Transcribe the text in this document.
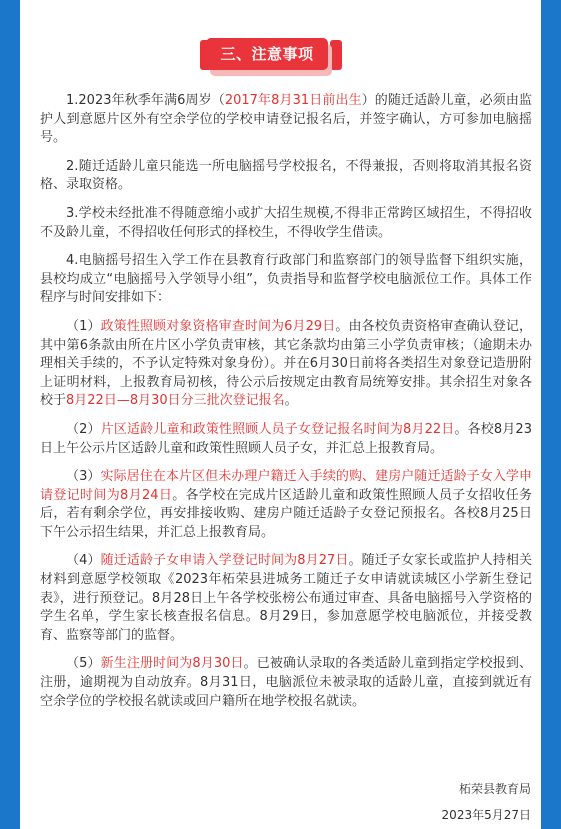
三、注意事项

1.2023年秋季年满6周岁（2017年8月31日前出生）的随迁适龄儿童，必须由监护人到意愿片区外有空余学位的学校申请登记报名后，并签字确认，方可参加电脑摇号。

2.随迁适龄儿童只能选一所电脑摇号学校报名，不得兼报，否则将取消其报名资格、录取资格。

3.学校未经批准不得随意缩小或扩大招生规模,不得非正常跨区域招生，不得招收不及龄儿童，不得招收任何形式的择校生，不得收学生借读。

4.电脑摇号招生入学工作在县教育行政部门和监察部门的领导监督下组织实施，县校均成立“电脑摇号入学领导小组”，负责指导和监督学校电脑派位工作。具体工作程序与时间安排如下：

（1）政策性照顾对象资格审查时间为6月29日。由各校负责资格审查确认登记，其中第6条款由所在片区小学负责审核，其它条款均由第三小学负责审核；（逾期未办理相关手续的，不予认定特殊对象身份）。并在6月30日前将各类招生对象登记造册附上证明材料，上报教育局初核，待公示后按规定由教育局统筹安排。其余招生对象各校于8月22日—8月30日分三批次登记报名。

（2）片区适龄儿童和政策性照顾人员子女登记报名时间为8月22日。各校8月23日上午公示片区适龄儿童和政策性照顾人员子女，并汇总上报教育局。

（3）实际居住在本片区但未办理户籍迁入手续的购、建房户随迁适龄子女入学申请登记时间为8月24日。各学校在完成片区适龄儿童和政策性照顾人员子女招收任务后，若有剩余学位，再安排接收购、建房户随迁适龄子女登记预报名。各校8月25日下午公示招生结果，并汇总上报教育局。

（4）随迁适龄子女申请入学登记时间为8月27日。随迁子女家长或监护人持相关材料到意愿学校领取《2023年柘荣县进城务工随迁子女申请就读城区小学新生登记表》，进行预登记。8月28日上午各学校张榜公布通过审查、具备电脑摇号入学资格的学生名单，学生家长核查报名信息。8月29日，参加意愿学校电脑派位，并接受教育、监察等部门的监督。

（5）新生注册时间为8月30日。已被确认录取的各类适龄儿童到指定学校报到、注册，逾期视为自动放弃。8月31日，电脑派位未被录取的适龄儿童，直接到就近有空余学位的学校报名就读或回户籍所在地学校报名就读。

柘荣县教育局
2023年5月27日
